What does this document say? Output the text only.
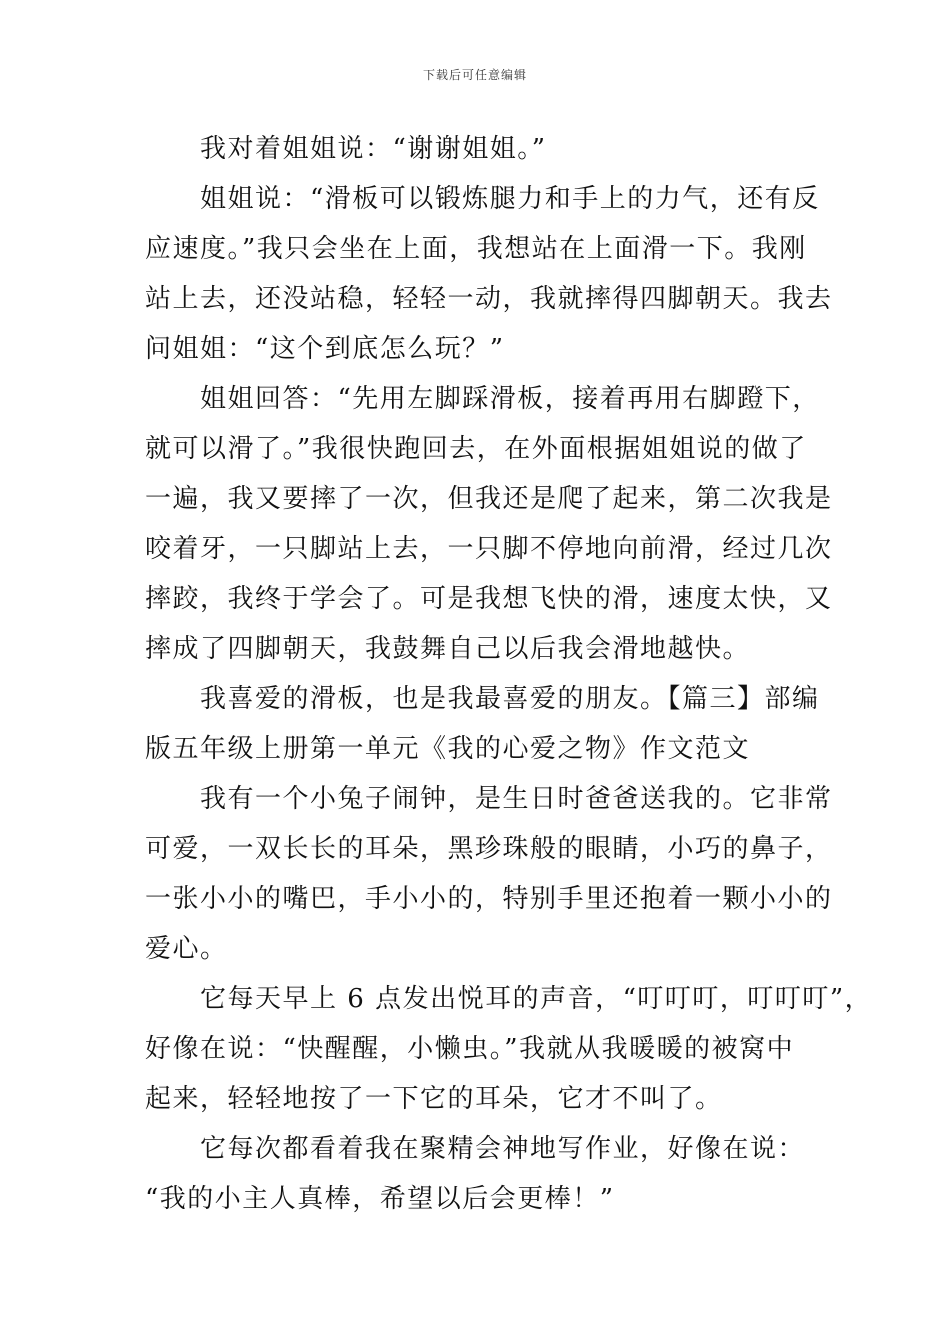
下载后可任意编辑
　　我对着姐姐说：“谢谢姐姐。”
　　姐姐说：“滑板可以锻炼腿力和手上的力气，还有反
应速度。”我只会坐在上面，我想站在上面滑一下。我刚
站上去，还没站稳，轻轻一动，我就摔得四脚朝天。我去
问姐姐：“这个到底怎么玩？”
　　姐姐回答：“先用左脚踩滑板，接着再用右脚蹬下，
就可以滑了。”我很快跑回去，在外面根据姐姐说的做了
一遍，我又要摔了一次，但我还是爬了起来，第二次我是
咬着牙，一只脚站上去，一只脚不停地向前滑，经过几次
摔跤，我终于学会了。可是我想飞快的滑，速度太快，又
摔成了四脚朝天，我鼓舞自己以后我会滑地越快。
　　我喜爱的滑板，也是我最喜爱的朋友。【篇三】部编
版五年级上册第一单元《我的心爱之物》作文范文
　　我有一个小兔子闹钟，是生日时爸爸送我的。它非常
可爱，一双长长的耳朵，黑珍珠般的眼睛，小巧的鼻子，
一张小小的嘴巴，手小小的，特别手里还抱着一颗小小的
爱心。
　　它每天早上 6 点发出悦耳的声音，“叮叮叮，叮叮叮”，
好像在说：“快醒醒，小懒虫。”我就从我暖暖的被窝中
起来，轻轻地按了一下它的耳朵，它才不叫了。
　　它每次都看着我在聚精会神地写作业，好像在说：
“我的小主人真棒，希望以后会更棒！”
